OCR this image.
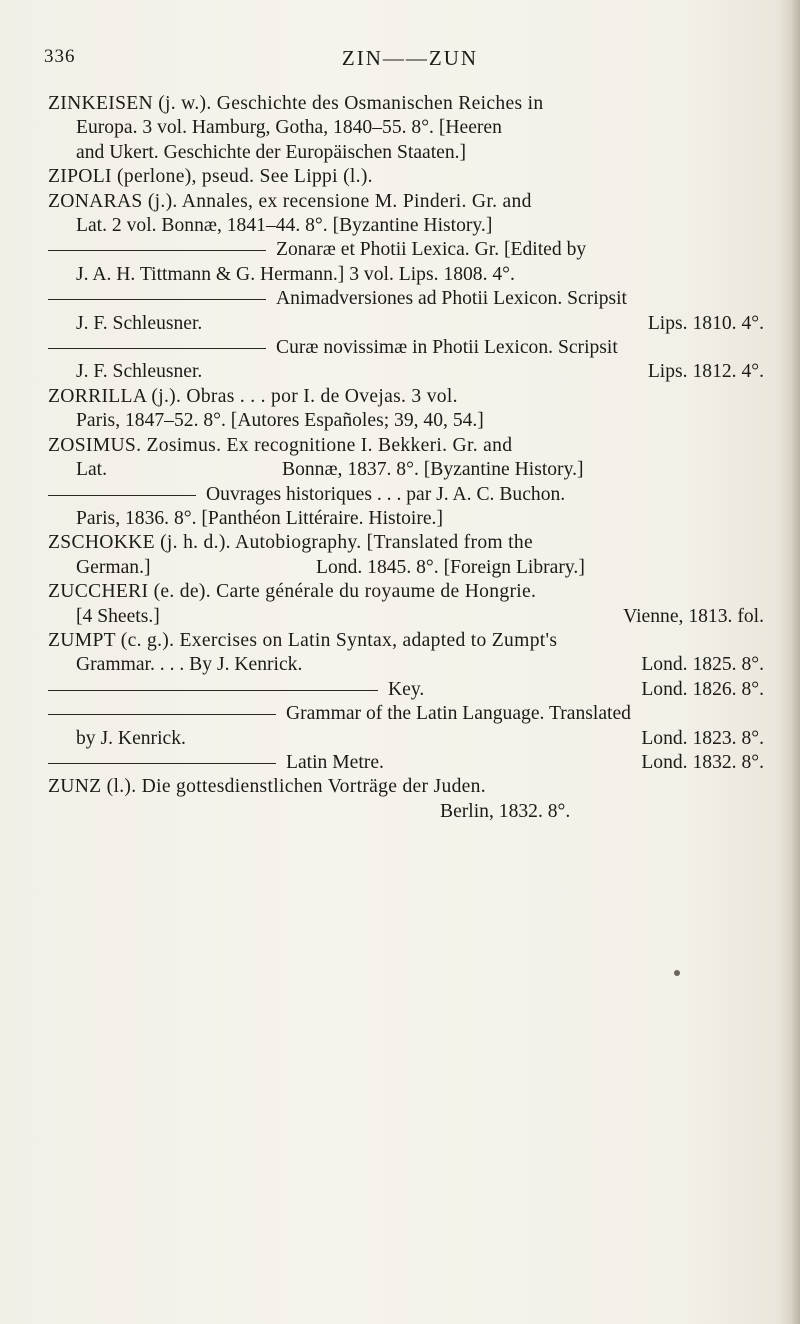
336	ZIN——ZUN
ZINKEISEN (j. w.). Geschichte des Osmanischen Reiches in
Europa. 3 vol. Hamburg, Gotha, 1840–55. 8°. [Heeren
and Ukert. Geschichte der Europäischen Staaten.]
ZIPOLI (perlone), pseud. See Lippi (l.).
ZONARAS (j.). Annales, ex recensione M. Pinderi. Gr. and
Lat. 2 vol. Bonnæ, 1841–44. 8°. [Byzantine History.]
Zonaræ et Photii Lexica. Gr. [Edited by
J. A. H. Tittmann & G. Hermann.] 3 vol. Lips. 1808. 4°.
Animadversiones ad Photii Lexicon. Scripsit
J. F. Schleusner.	Lips. 1810. 4°.
Curæ novissimæ in Photii Lexicon. Scripsit
J. F. Schleusner.	Lips. 1812. 4°.
ZORRILLA (j.). Obras . . . por I. de Ovejas. 3 vol.
Paris, 1847–52. 8°. [Autores Españoles; 39, 40, 54.]
ZOSIMUS. Zosimus. Ex recognitione I. Bekkeri. Gr. and
Lat.	Bonnæ, 1837. 8°. [Byzantine History.]
Ouvrages historiques . . . par J. A. C. Buchon.
Paris, 1836. 8°. [Panthéon Littéraire. Histoire.]
ZSCHOKKE (j. h. d.). Autobiography. [Translated from the
German.]	Lond. 1845. 8°. [Foreign Library.]
ZUCCHERI (e. de). Carte générale du royaume de Hongrie.
[4 Sheets.]	Vienne, 1813. fol.
ZUMPT (c. g.). Exercises on Latin Syntax, adapted to Zumpt's
Grammar. . . . By J. Kenrick.	Lond. 1825. 8°.
Key.	Lond. 1826. 8°.
Grammar of the Latin Language. Translated
by J. Kenrick.	Lond. 1823. 8°.
Latin Metre.	Lond. 1832. 8°.
ZUNZ (l.). Die gottesdienstlichen Vorträge der Juden.
Berlin, 1832. 8°.
